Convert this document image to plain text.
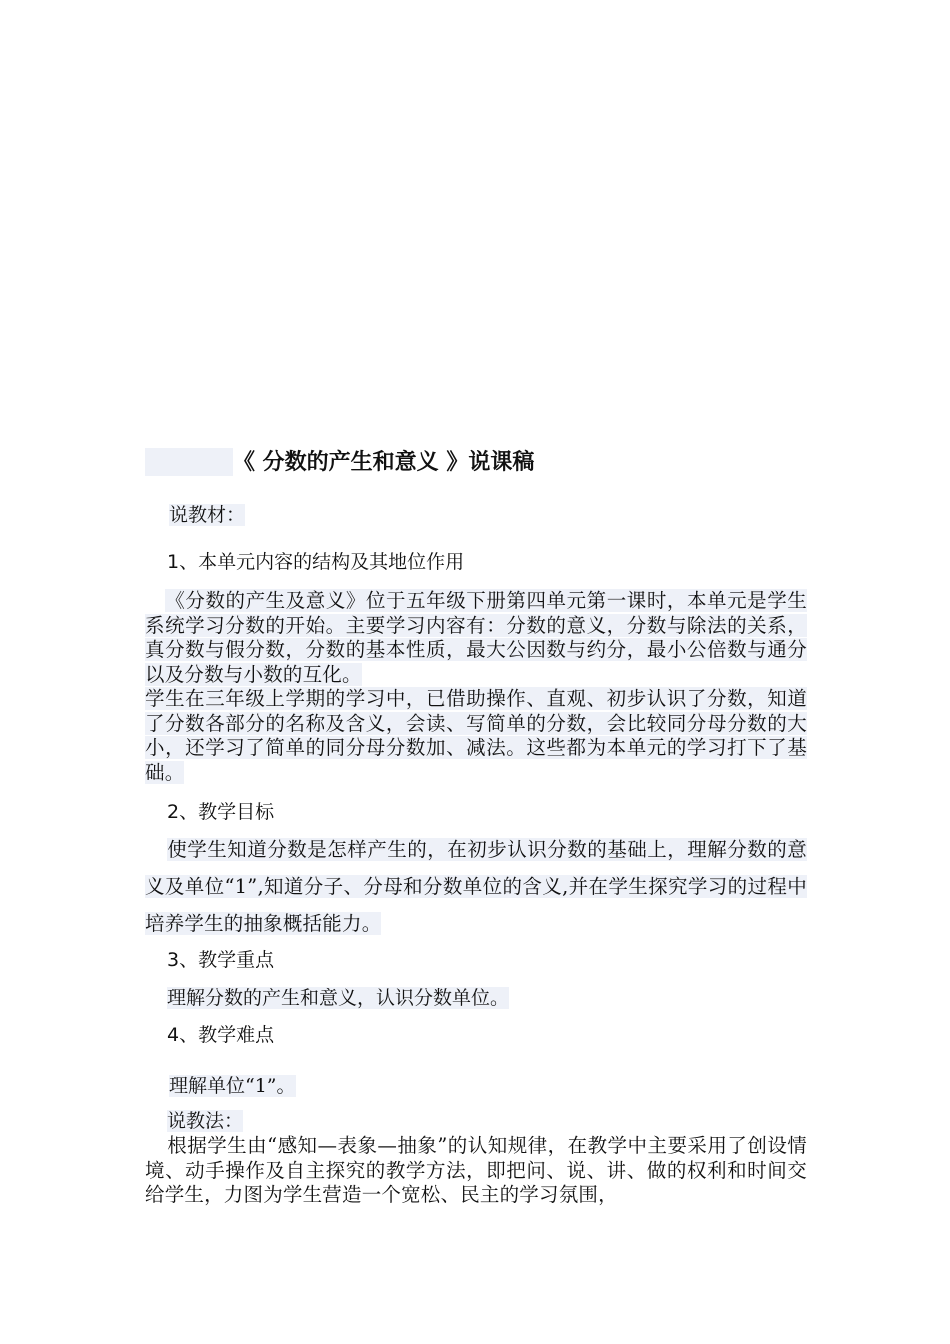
《 分数的产生和意义 》说课稿
说教材：
1、本单元内容的结构及其地位作用
《分数的产生及意义》位于五年级下册第四单元第一课时，本单元是学生系统学习分数的开始。主要学习内容有：分数的意义，分数与除法的关系，真分数与假分数，分数的基本性质，最大公因数与约分，最小公倍数与通分以及分数与小数的互化。
学生在三年级上学期的学习中，已借助操作、直观、初步认识了分数，知道了分数各部分的名称及含义，会读、写简单的分数，会比较同分母分数的大小，还学习了简单的同分母分数加、减法。这些都为本单元的学习打下了基础。
2、教学目标
使学生知道分数是怎样产生的，在初步认识分数的基础上，理解分数的意义及单位“1”,知道分子、分母和分数单位的含义,并在学生探究学习的过程中培养学生的抽象概括能力。
3、教学重点
理解分数的产生和意义，认识分数单位。
4、教学难点
理解单位“1”。
说教法：
根据学生由“感知—表象—抽象”的认知规律，在教学中主要采用了创设情境、动手操作及自主探究的教学方法，即把问、说、讲、做的权利和时间交给学生，力图为学生营造一个宽松、民主的学习氛围，
